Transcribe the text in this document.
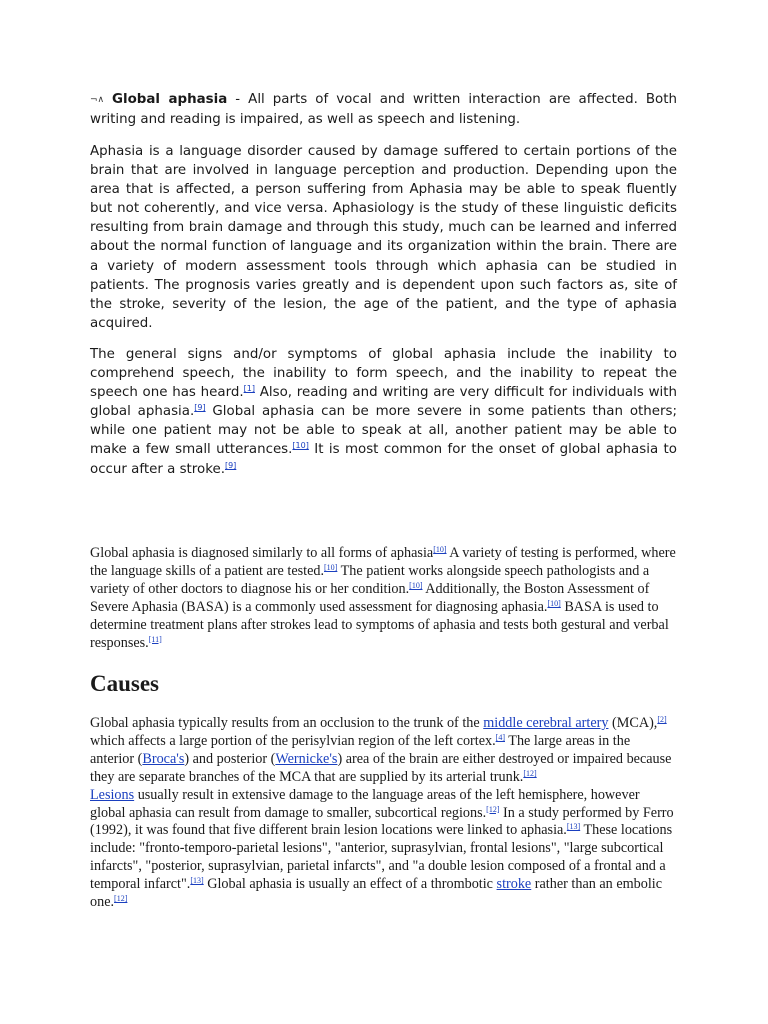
¬∧ Global aphasia - All parts of vocal and written interaction are affected. Both writing and reading is impaired, as well as speech and listening.

Aphasia is a language disorder caused by damage suffered to certain portions of the brain that are involved in language perception and production. Depending upon the area that is affected, a person suffering from Aphasia may be able to speak fluently but not coherently, and vice versa. Aphasiology is the study of these linguistic deficits resulting from brain damage and through this study, much can be learned and inferred about the normal function of language and its organization within the brain. There are a variety of modern assessment tools through which aphasia can be studied in patients. The prognosis varies greatly and is dependent upon such factors as, site of the stroke, severity of the lesion, the age of the patient, and the type of aphasia acquired.

The general signs and/or symptoms of global aphasia include the inability to comprehend speech, the inability to form speech, and the inability to repeat the speech one has heard.[1] Also, reading and writing are very difficult for individuals with global aphasia.[9] Global aphasia can be more severe in some patients than others; while one patient may not be able to speak at all, another patient may be able to make a few small utterances.[10] It is most common for the onset of global aphasia to occur after a stroke.[9]

Global aphasia is diagnosed similarly to all forms of aphasia[10] A variety of testing is performed, where the language skills of a patient are tested.[10] The patient works alongside speech pathologists and a variety of other doctors to diagnose his or her condition.[10] Additionally, the Boston Assessment of Severe Aphasia (BASA) is a commonly used assessment for diagnosing aphasia.[10] BASA is used to determine treatment plans after strokes lead to symptoms of aphasia and tests both gestural and verbal responses.[11]

Causes

Global aphasia typically results from an occlusion to the trunk of the middle cerebral artery (MCA),[2] which affects a large portion of the perisylvian region of the left cortex.[4] The large areas in the anterior (Broca's) and posterior (Wernicke's) area of the brain are either destroyed or impaired because they are separate branches of the MCA that are supplied by its arterial trunk.[12]
Lesions usually result in extensive damage to the language areas of the left hemisphere, however global aphasia can result from damage to smaller, subcortical regions.[12] In a study performed by Ferro (1992), it was found that five different brain lesion locations were linked to aphasia.[13] These locations include: "fronto-temporo-parietal lesions", "anterior, suprasylvian, frontal lesions", "large subcortical infarcts", "posterior, suprasylvian, parietal infarcts", and "a double lesion composed of a frontal and a temporal infarct".[13] Global aphasia is usually an effect of a thrombotic stroke rather than an embolic one.[12]
